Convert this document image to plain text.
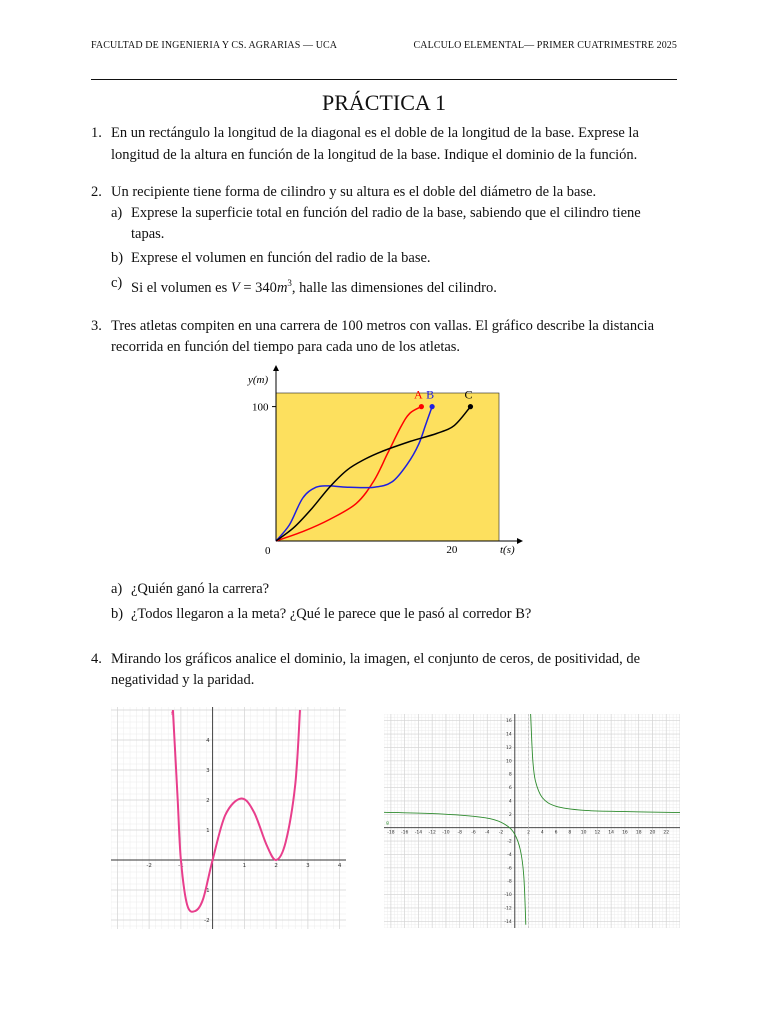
FACULTAD DE INGENIERIA Y CS. AGRARIAS — UCA	CALCULO ELEMENTAL— PRIMER CUATRIMESTRE 2025
PRÁCTICA 1
1. En un rectángulo la longitud de la diagonal es el doble de la longitud de la base. Exprese la
longitud de la altura en función de la longitud de la base. Indique el dominio de la función.
2. Un recipiente tiene forma de cilindro y su altura es el doble del diámetro de la base.
a) Exprese la superficie total en función del radio de la base, sabiendo que el cilindro tiene
tapas.
b) Exprese el volumen en función del radio de la base.
c) Si el volumen es $V = 340m^3$, halle las dimensiones del cilindro.
3. Tres atletas compiten en una carrera de 100 metros con vallas. El gráfico describe la distancia
recorrida en función del tiempo para cada uno de los atletas.
y(m)
t(s)
100
0	20
A B	C
a) ¿Quién ganó la carrera?
b) ¿Todos llegaron a la meta? ¿Qué le parece que le pasó al corredor B?
4. Mirando los gráficos analice el dominio, la imagen, el conjunto de ceros, de positividad, de
negatividad y la paridad.
-2	-1	1	2	3	4
-2
-1
1
2
3
4
f
-18 -16 -14 -12 -10 -8 -6 -4 -2	2 4 6 8 10 12 14 16 18 20 22
-14
-12
-10
-8
-6
-4
-2
2
4
6
8
10
12
14
16
g
